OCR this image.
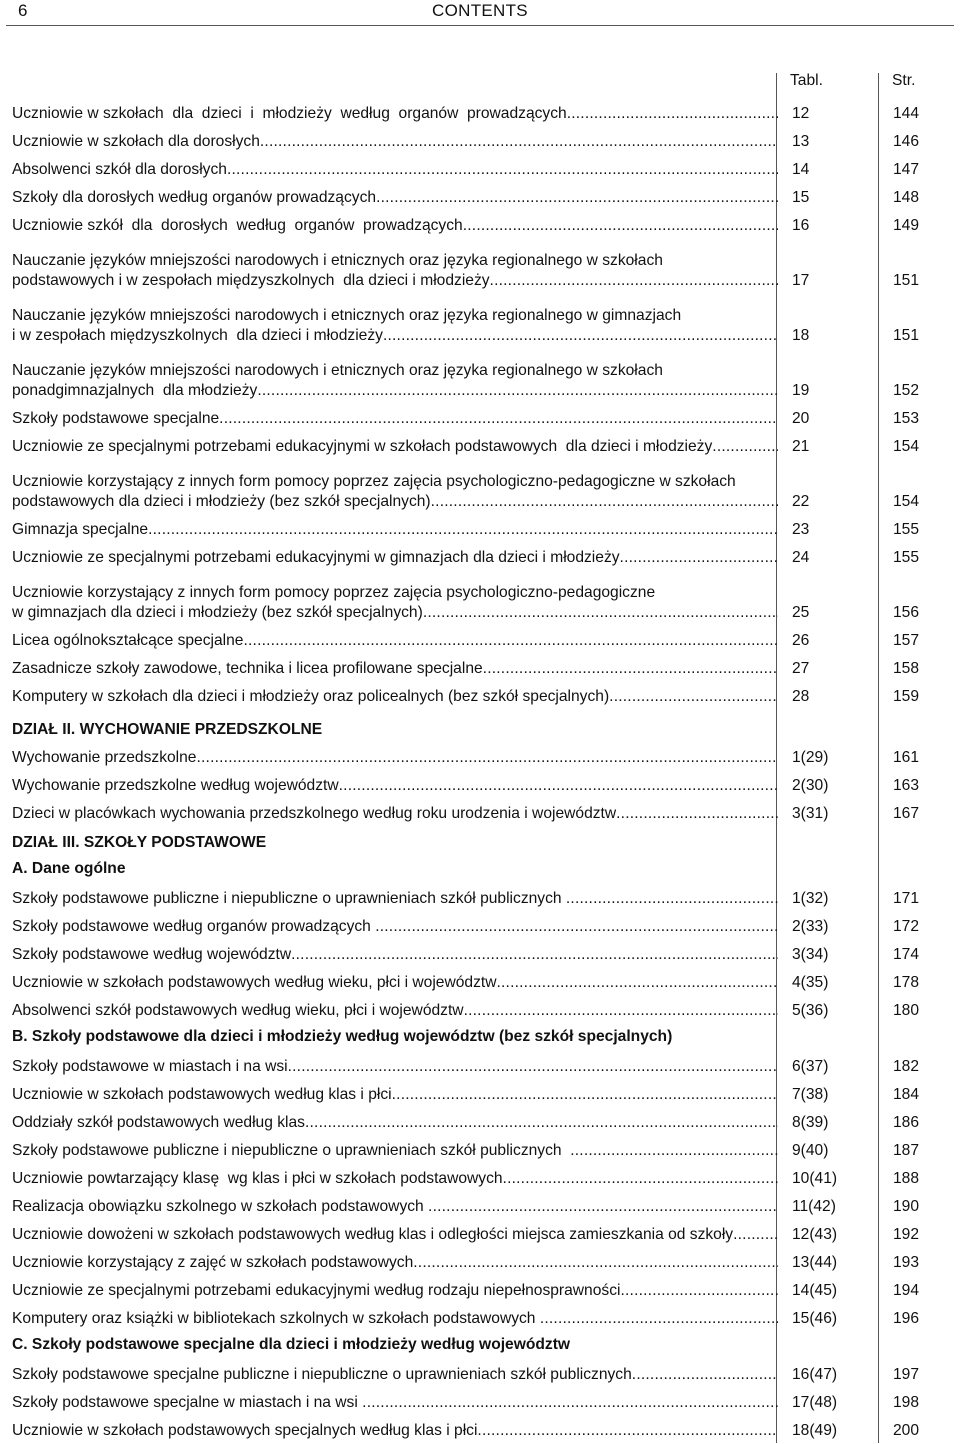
6	CONTENTS
Tabl.	Str.
Uczniowie w szkołach  dla  dzieci  i  młodzieży  według  organów  prowadzących .....	12	144
Uczniowie w szkołach dla dorosłych .....	13	146
Absolwenci szkół dla dorosłych .....	14	147
Szkoły dla dorosłych według organów prowadzących .....	15	148
Uczniowie szkół  dla  dorosłych  według  organów  prowadzących .....	16	149
Nauczanie języków mniejszości narodowych i etnicznych oraz języka regionalnego w szkołach
podstawowych i w zespołach międzyszkolnych  dla dzieci i młodzieży .....	17	151
Nauczanie języków mniejszości narodowych i etnicznych oraz języka regionalnego w gimnazjach
i w zespołach międzyszkolnych  dla dzieci i młodzieży .....	18	151
Nauczanie języków mniejszości narodowych i etnicznych oraz języka regionalnego w szkołach
ponadgimnazjalnych  dla młodzieży .....	19	152
Szkoły podstawowe specjalne .....	20	153
Uczniowie ze specjalnymi potrzebami edukacyjnymi w szkołach podstawowych  dla dzieci i młodzieży .....	21	154
Uczniowie korzystający z innych form pomocy poprzez zajęcia psychologiczno-pedagogiczne w szkołach
podstawowych dla dzieci i młodzieży (bez szkół specjalnych) .....	22	154
Gimnazja specjalne .....	23	155
Uczniowie ze specjalnymi potrzebami edukacyjnymi w gimnazjach dla dzieci i młodzieży .....	24	155
Uczniowie korzystający z innych form pomocy poprzez zajęcia psychologiczno-pedagogiczne
w gimnazjach dla dzieci i młodzieży (bez szkół specjalnych) .....	25	156
Licea ogólnokształcące specjalne .....	26	157
Zasadnicze szkoły zawodowe, technika i licea profilowane specjalne .....	27	158
Komputery w szkołach dla dzieci i młodzieży oraz policealnych (bez szkół specjalnych) .....	28	159
DZIAŁ II. WYCHOWANIE PRZEDSZKOLNE
Wychowanie przedszkolne .....	1(29)	161
Wychowanie przedszkolne według województw .....	2(30)	163
Dzieci w placówkach wychowania przedszkolnego według roku urodzenia i województw .....	3(31)	167
DZIAŁ III. SZKOŁY PODSTAWOWE
A. Dane ogólne
Szkoły podstawowe publiczne i niepubliczne o uprawnieniach szkół publicznych .....	1(32)	171
Szkoły podstawowe według organów prowadzących .....	2(33)	172
Szkoły podstawowe według województw .....	3(34)	174
Uczniowie w szkołach podstawowych według wieku, płci i województw .....	4(35)	178
Absolwenci szkół podstawowych według wieku, płci i województw .....	5(36)	180
B. Szkoły podstawowe dla dzieci i młodzieży według województw (bez szkół specjalnych)
Szkoły podstawowe w miastach i na wsi .....	6(37)	182
Uczniowie w szkołach podstawowych według klas i płci .....	7(38)	184
Oddziały szkół podstawowych według klas .....	8(39)	186
Szkoły podstawowe publiczne i niepubliczne o uprawnieniach szkół publicznych .....	9(40)	187
Uczniowie powtarzający klasę  wg klas i płci w szkołach podstawowych .....	10(41)	188
Realizacja obowiązku szkolnego w szkołach podstawowych .....	11(42)	190
Uczniowie dowożeni w szkołach podstawowych według klas i odległości miejsca zamieszkania od szkoły .....	12(43)	192
Uczniowie korzystający z zajęć w szkołach podstawowych .....	13(44)	193
Uczniowie ze specjalnymi potrzebami edukacyjnymi według rodzaju niepełnosprawności .....	14(45)	194
Komputery oraz książki w bibliotekach szkolnych w szkołach podstawowych .....	15(46)	196
C. Szkoły podstawowe specjalne dla dzieci i młodzieży według województw
Szkoły podstawowe specjalne publiczne i niepubliczne o uprawnieniach szkół publicznych .....	16(47)	197
Szkoły podstawowe specjalne w miastach i na wsi .....	17(48)	198
Uczniowie w szkołach podstawowych specjalnych według klas i płci .....	18(49)	200
